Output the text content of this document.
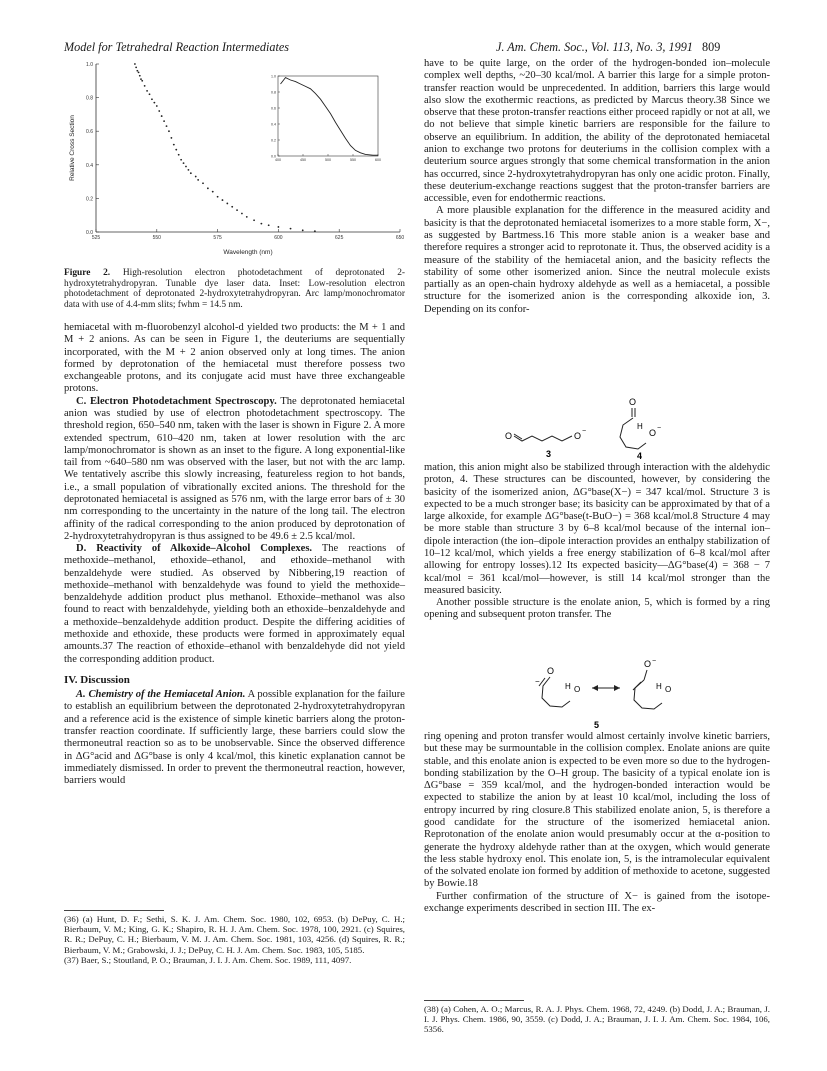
Model for Tetrahedral Reaction Intermediates	J. Am. Chem. Soc., Vol. 113, No. 3, 1991 809
0.0
0.2
0.4
0.6
0.8
1.0
525	550	575	600	625	650
Wavelength (nm)
Relative Cross Section	0.0
0.2
0.4
0.6
0.8
1.0
400	450	500	550	600
Figure 2. High-resolution electron photodetachment of deprotonated 2-hydroxytetrahydropyran. Tunable dye laser data. Inset: Low-resolution electron photodetachment of deprotonated 2-hydroxytetrahydropyran. Arc lamp/monochromator data with use of 4.4-mm slits; fwhm = 14.5 nm.

hemiacetal with m-fluorobenzyl alcohol-d yielded two products: the M + 1 and M + 2 anions. As can be seen in Figure 1, the deuteriums are sequentially incorporated, with the M + 2 anion observed only at long times. The anion formed by deprotonation of the hemiacetal must therefore possess two exchangeable protons, and its conjugate acid must have three exchangeable protons.

C. Electron Photodetachment Spectroscopy. The deprotonated hemiacetal anion was studied by use of electron photodetachment spectroscopy. The threshold region, 650–540 nm, taken with the laser is shown in Figure 2. A more extended spectrum, 610–420 nm, taken at lower resolution with the arc lamp/monochromator is shown as an inset to the figure. A long exponential-like tail from ~640–580 nm was observed with the laser, but not with the arc lamp. We tentatively ascribe this slowly increasing, featureless region to hot bands, i.e., a small population of vibrationally excited anions. The threshold for the deprotonated hemiacetal is assigned as 576 nm, with the large error bars of ± 30 nm corresponding to the uncertainty in the nature of the long tail. The electron affinity of the radical corresponding to the anion produced by deprotonation of 2-hydroxytetrahydropyran is thus assigned to be 49.6 ± 2.5 kcal/mol.

D. Reactivity of Alkoxide–Alcohol Complexes. The reactions of methoxide–methanol, ethoxide–ethanol, and ethoxide–methanol with benzaldehyde were studied. As observed by Nibbering,19 reaction of methoxide–methanol with benzaldehyde was found to yield the methoxide–benzaldehyde addition product plus methanol. Ethoxide–methanol was also found to react with benzaldehyde, yielding both an ethoxide–benzaldehyde and a methoxide–benzaldehyde addition product. Despite the differing acidities of methoxide and ethoxide, these products were formed in approximately equal amounts.37 The reaction of ethoxide–ethanol with benzaldehyde did not yield the corresponding addition product.

IV. Discussion

A. Chemistry of the Hemiacetal Anion. A possible explanation for the failure to establish an equilibrium between the deprotonated 2-hydroxytetrahydropyran and a reference acid is the existence of simple kinetic barriers along the proton-transfer reaction coordinate. If sufficiently large, these barriers could slow the thermoneutral reaction so as to be unobservable. Since the observed difference in ΔG°acid and ΔG°base is only 4 kcal/mol, this kinetic explanation cannot be immediately dismissed. In order to prevent the thermoneutral reaction, however, barriers would

(36) (a) Hunt, D. F.; Sethi, S. K. J. Am. Chem. Soc. 1980, 102, 6953. (b) DePuy, C. H.; Bierbaum, V. M.; King, G. K.; Shapiro, R. H. J. Am. Chem. Soc. 1978, 100, 2921. (c) Squires, R. R.; DePuy, C. H.; Bierbaum, V. M. J. Am. Chem. Soc. 1981, 103, 4256. (d) Squires, R. R.; Bierbaum, V. M.; Grabowski, J. J.; DePuy, C. H. J. Am. Chem. Soc. 1983, 105, 5185.

(37) Baer, S.; Stoutland, P. O.; Brauman, J. I. J. Am. Chem. Soc. 1989, 111, 4097.

have to be quite large, on the order of the hydrogen-bonded ion–molecule complex well depths, ~20–30 kcal/mol. A barrier this large for a simple proton-transfer reaction would be unprecedented. In addition, barriers this large would also slow the exothermic reactions, as predicted by Marcus theory.38 Since we observe that these proton-transfer reactions either proceed rapidly or not at all, we do not believe that simple kinetic barriers are responsible for the failure to observe an equilibrium. In addition, the ability of the deprotonated hemiacetal anion to exchange two protons for deuteriums in the collision complex with a deuterium source argues strongly that some chemical transformation in the anion has occurred, since 2-hydroxytetrahydropyran has only one acidic proton. Finally, these deuterium-exchange reactions suggest that the proton-transfer barriers are accessible, even for endothermic reactions.

A more plausible explanation for the difference in the measured acidity and basicity is that the deprotonated hemiacetal isomerizes to a more stable form, X−, as suggested by Bartmess.16 This more stable anion is a weaker base and therefore requires a stronger acid to reprotonate it. Thus, the observed acidity is a measure of the stability of the hemiacetal anion, and the basicity reflects the stability of some other isomerized anion. Since the neutral molecule exists partially as an open-chain hydroxy aldehyde as well as a hemiacetal, a possible structure for the isomerized anion is the corresponding alkoxide ion, 3. Depending on its confor-

O	O −
3
O
H
O −
4

mation, this anion might also be stabilized through interaction with the aldehydic proton, 4. These structures can be discounted, however, by considering the basicity of the isomerized anion, ΔG°base(X−) = 347 kcal/mol. Structure 3 is expected to be a much stronger base; its basicity can be approximated by that of a large alkoxide, for example ΔG°base(t-BuO−) = 368 kcal/mol.8 Structure 4 may be more stable than structure 3 by 6–8 kcal/mol because of the internal ion–dipole interaction (the ion–dipole interaction provides an enthalpy stabilization of 10–12 kcal/mol, which yields a free energy stabilization of 6–8 kcal/mol after allowing for entropy losses).12 Its expected basicity—ΔG°base(4) = 368 − 7 kcal/mol = 361 kcal/mol—however, is still 14 kcal/mol stronger than the measured basicity.

Another possible structure is the enolate anion, 5, which is formed by a ring opening and subsequent proton transfer. The

−
O
H O
O −
H O
5

ring opening and proton transfer would almost certainly involve kinetic barriers, but these may be surmountable in the collision complex. Enolate anions are quite stable, and this enolate anion is expected to be even more so due to the hydrogen-bonding stabilization by the O–H group. The basicity of a typical enolate ion is ΔG°base = 359 kcal/mol, and the hydrogen-bonded interaction would be expected to stabilize the anion by at least 10 kcal/mol, including the loss of entropy incurred by ring closure.8 This stabilized enolate anion, 5, is therefore a good candidate for the structure of the isomerized hemiacetal anion. Reprotonation of the enolate anion would presumably occur at the α-position to generate the hydroxy aldehyde rather than at the oxygen, which would generate the less stable hydroxy enol. This enolate ion, 5, is the intramolecular equivalent of the solvated enolate ion formed by addition of methoxide to acetone, suggested by Bowie.18

Further confirmation of the structure of X− is gained from the isotope-exchange experiments described in section III. The ex-

(38) (a) Cohen, A. O.; Marcus, R. A. J. Phys. Chem. 1968, 72, 4249. (b) Dodd, J. A.; Brauman, J. I. J. Phys. Chem. 1986, 90, 3559. (c) Dodd, J. A.; Brauman, J. I. J. Am. Chem. Soc. 1984, 106, 5356.
